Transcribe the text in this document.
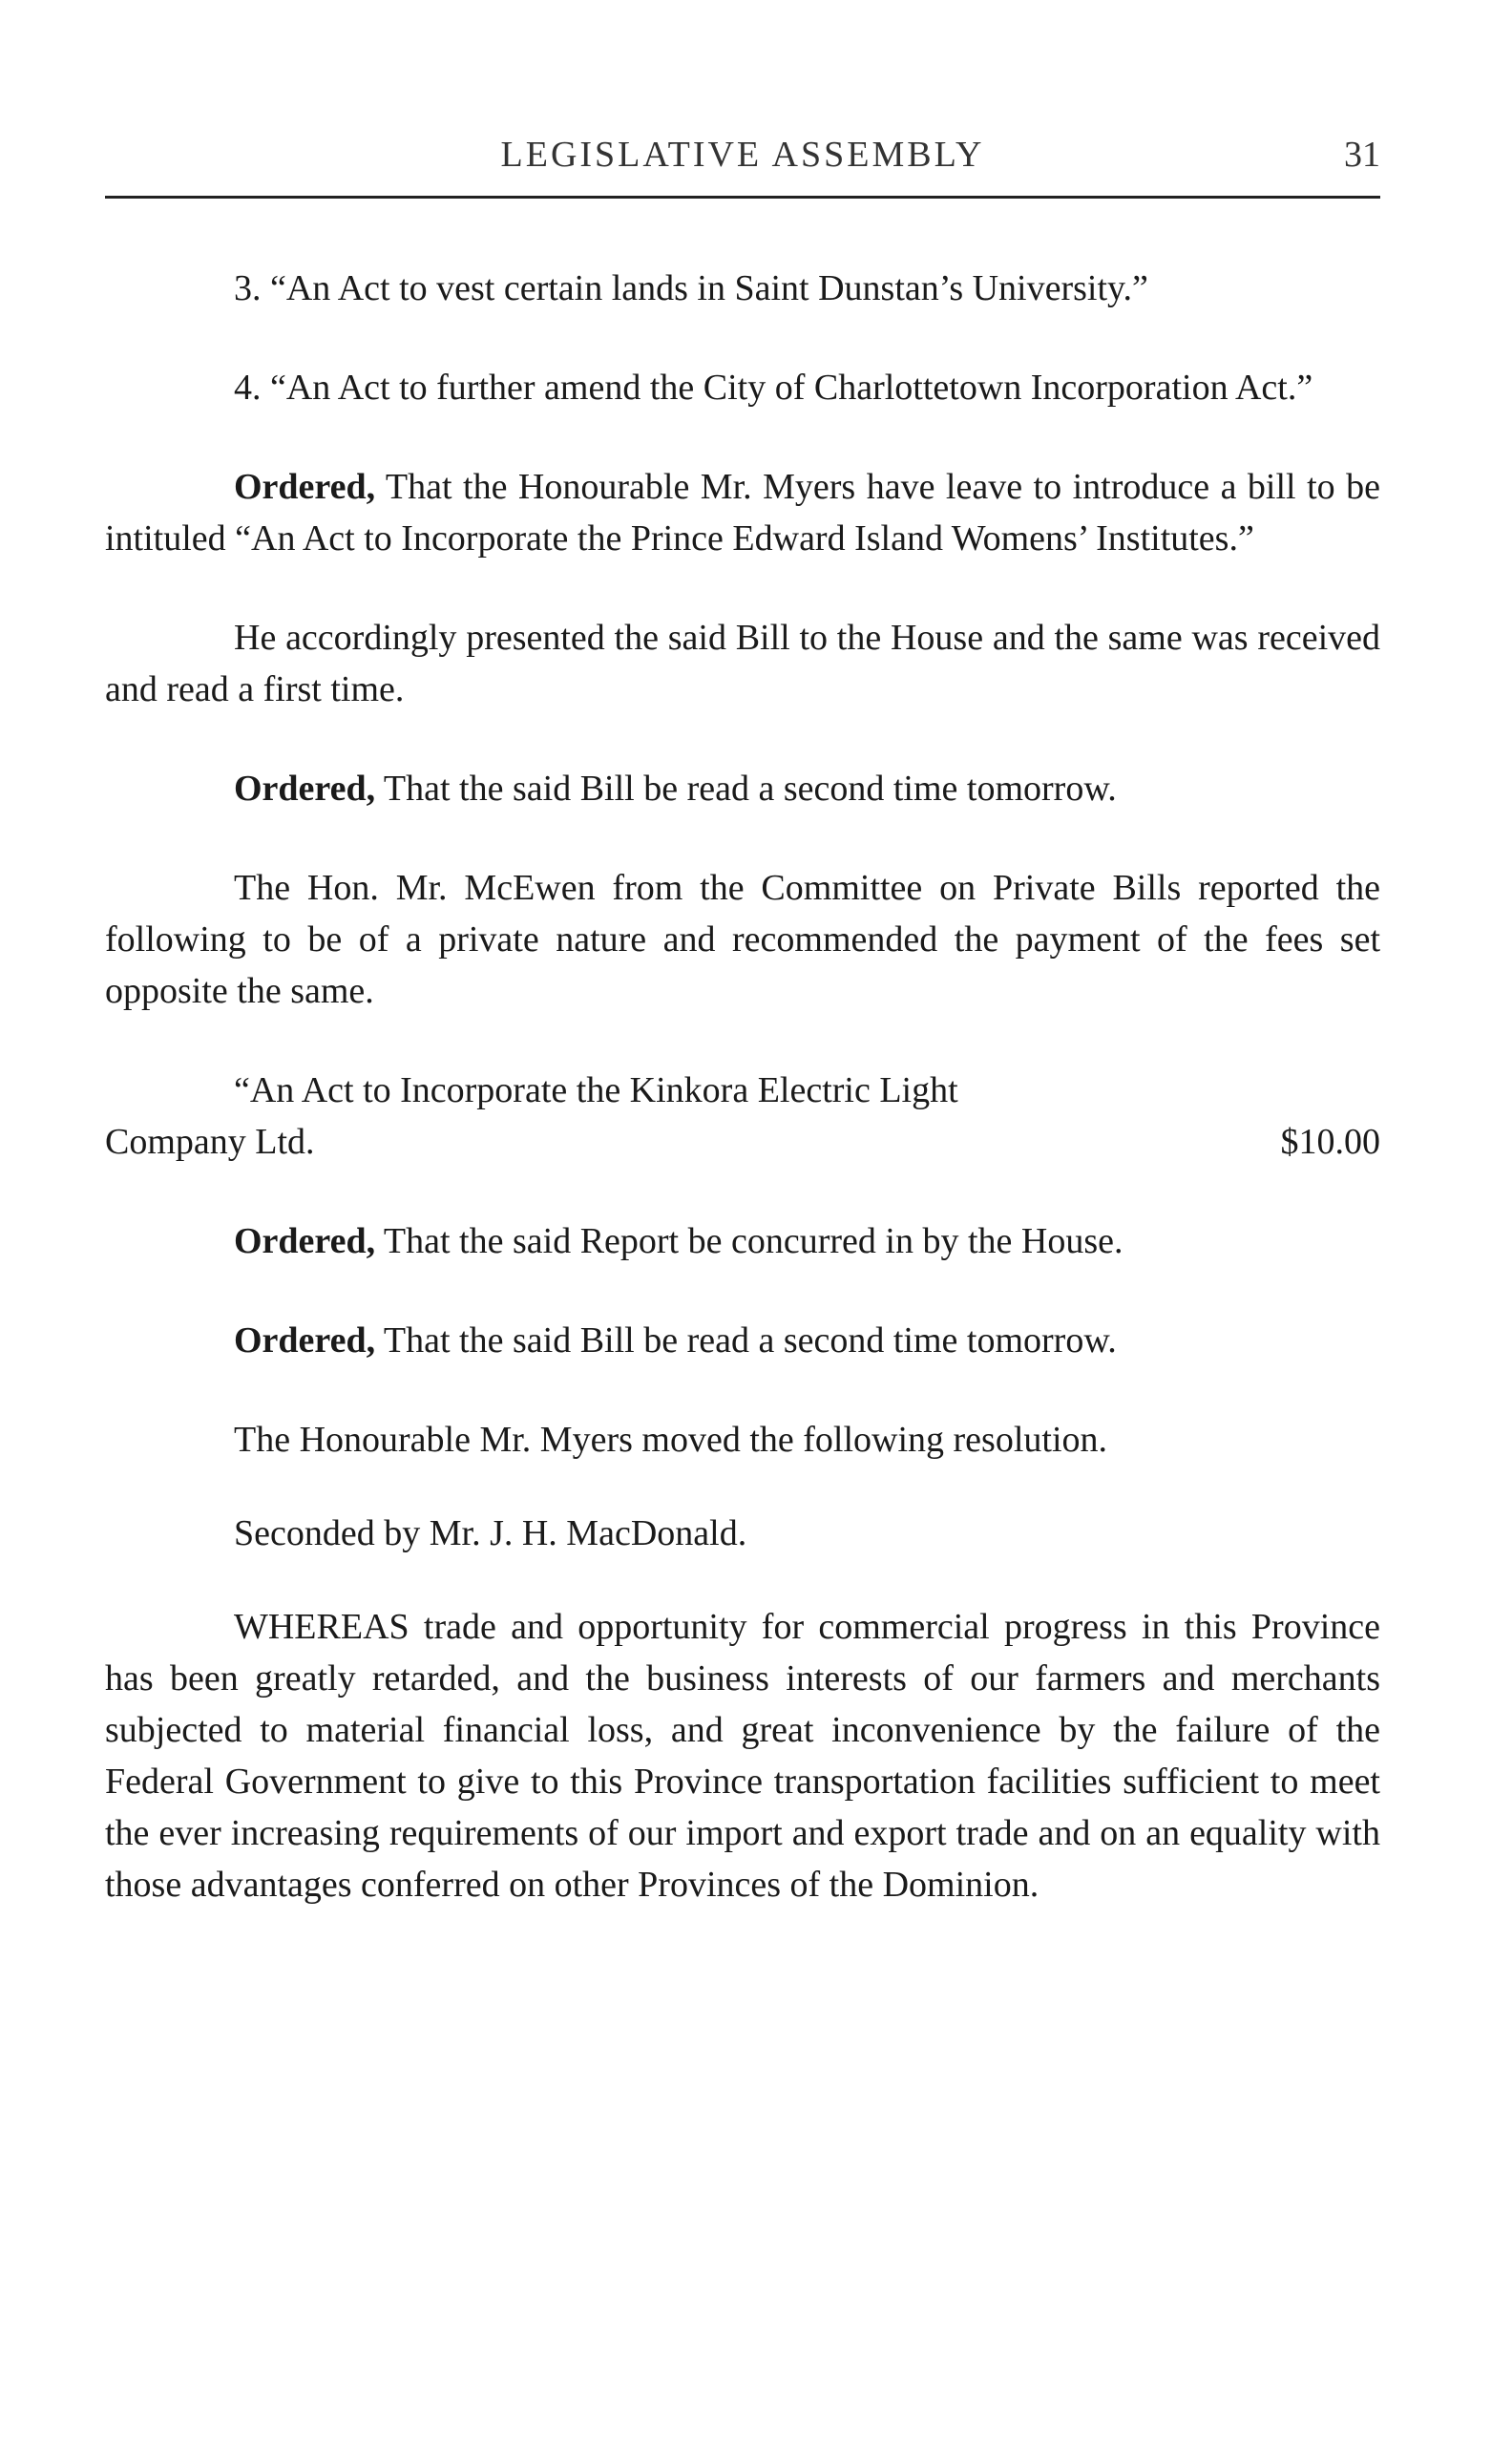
LEGISLATIVE ASSEMBLY	31

3. “An Act to vest certain lands in Saint Dunstan’s University.”

4. “An Act to further amend the City of Charlottetown Incorporation Act.”

Ordered, That the Honourable Mr. Myers have leave to introduce a bill to be intituled “An Act to Incorporate the Prince Edward Island Womens’ Institutes.”

He accordingly presented the said Bill to the House and the same was received and read a first time.

Ordered, That the said Bill be read a second time tomorrow.

The Hon. Mr. McEwen from the Committee on Private Bills reported the following to be of a private nature and recommended the payment of the fees set opposite the same.

“An Act to Incorporate the Kinkora Electric Light
Company Ltd.	$10.00

Ordered, That the said Report be concurred in by the House.

Ordered, That the said Bill be read a second time tomorrow.

The Honourable Mr. Myers moved the following resolution.

Seconded by Mr. J. H. MacDonald.

WHEREAS trade and opportunity for commercial progress in this Province has been greatly retarded, and the business interests of our farmers and merchants subjected to material financial loss, and great inconvenience by the failure of the Federal Government to give to this Province transportation facilities sufficient to meet the ever increasing requirements of our import and export trade and on an equality with those advantages conferred on other Provinces of the Dominion.
